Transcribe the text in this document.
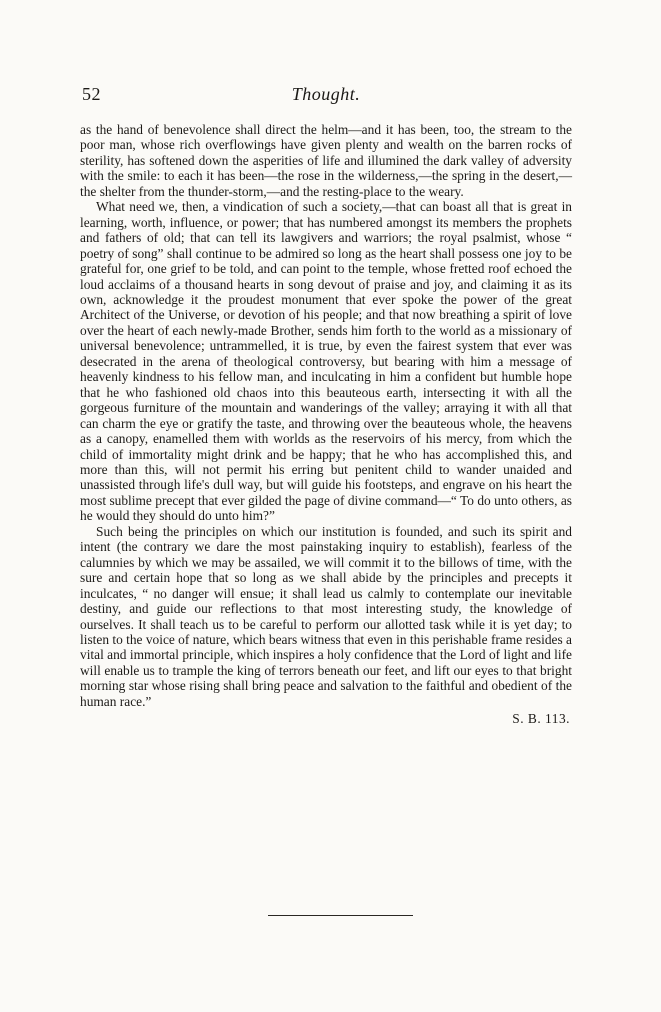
52	Thought.

as the hand of benevolence shall direct the helm—and it has been, too, the stream to the poor man, whose rich overflowings have given plenty and wealth on the barren rocks of sterility, has softened down the asperities of life and illumined the dark valley of adversity with the smile: to each it has been—the rose in the wilderness,—the spring in the desert,—the shelter from the thunder-storm,—and the resting-place to the weary.

What need we, then, a vindication of such a society,—that can boast all that is great in learning, worth, influence, or power; that has numbered amongst its members the prophets and fathers of old; that can tell its lawgivers and warriors; the royal psalmist, whose “ poetry of song” shall continue to be admired so long as the heart shall possess one joy to be grateful for, one grief to be told, and can point to the temple, whose fretted roof echoed the loud acclaims of a thousand hearts in song devout of praise and joy, and claiming it as its own, acknowledge it the proudest monument that ever spoke the power of the great Architect of the Universe, or devotion of his people; and that now breathing a spirit of love over the heart of each newly-made Brother, sends him forth to the world as a missionary of universal benevolence; untrammelled, it is true, by even the fairest system that ever was desecrated in the arena of theological controversy, but bearing with him a message of heavenly kindness to his fellow man, and inculcating in him a confident but humble hope that he who fashioned old chaos into this beauteous earth, intersecting it with all the gorgeous furniture of the mountain and wanderings of the valley; arraying it with all that can charm the eye or gratify the taste, and throwing over the beauteous whole, the heavens as a canopy, enamelled them with worlds as the reservoirs of his mercy, from which the child of immortality might drink and be happy; that he who has accomplished this, and more than this, will not permit his erring but penitent child to wander unaided and unassisted through life's dull way, but will guide his footsteps, and engrave on his heart the most sublime precept that ever gilded the page of divine command—“ To do unto others, as he would they should do unto him?”

Such being the principles on which our institution is founded, and such its spirit and intent (the contrary we dare the most painstaking inquiry to establish), fearless of the calumnies by which we may be assailed, we will commit it to the billows of time, with the sure and certain hope that so long as we shall abide by the principles and precepts it inculcates, “ no danger will ensue; it shall lead us calmly to contemplate our inevitable destiny, and guide our reflections to that most interesting study, the knowledge of ourselves. It shall teach us to be careful to perform our allotted task while it is yet day; to listen to the voice of nature, which bears witness that even in this perishable frame resides a vital and immortal principle, which inspires a holy confidence that the Lord of light and life will enable us to trample the king of terrors beneath our feet, and lift our eyes to that bright morning star whose rising shall bring peace and salvation to the faithful and obedient of the human race.”

S. B. 113.
